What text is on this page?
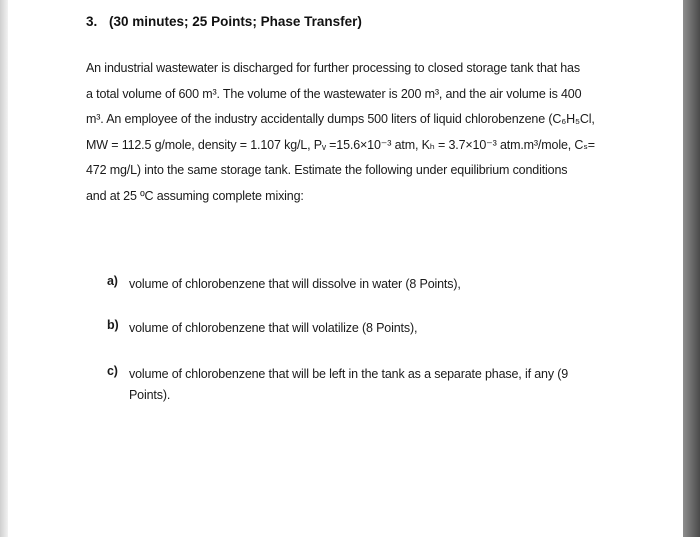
3. (30 minutes; 25 Points; Phase Transfer)
An industrial wastewater is discharged for further processing to closed storage tank that has
a total volume of 600 m³. The volume of the wastewater is 200 m³, and the air volume is 400
m³. An employee of the industry accidentally dumps 500 liters of liquid chlorobenzene (C₆H₅Cl,
MW = 112.5 g/mole, density = 1.107 kg/L, Pᵥ =15.6×10⁻³ atm, Kₕ = 3.7×10⁻³ atm.m³/mole, Cₛ=
472 mg/L) into the same storage tank. Estimate the following under equilibrium conditions
and at 25 ºC assuming complete mixing:
a) volume of chlorobenzene that will dissolve in water (8 Points),
b) volume of chlorobenzene that will volatilize (8 Points),
c) volume of chlorobenzene that will be left in the tank as a separate phase, if any (9
Points).
